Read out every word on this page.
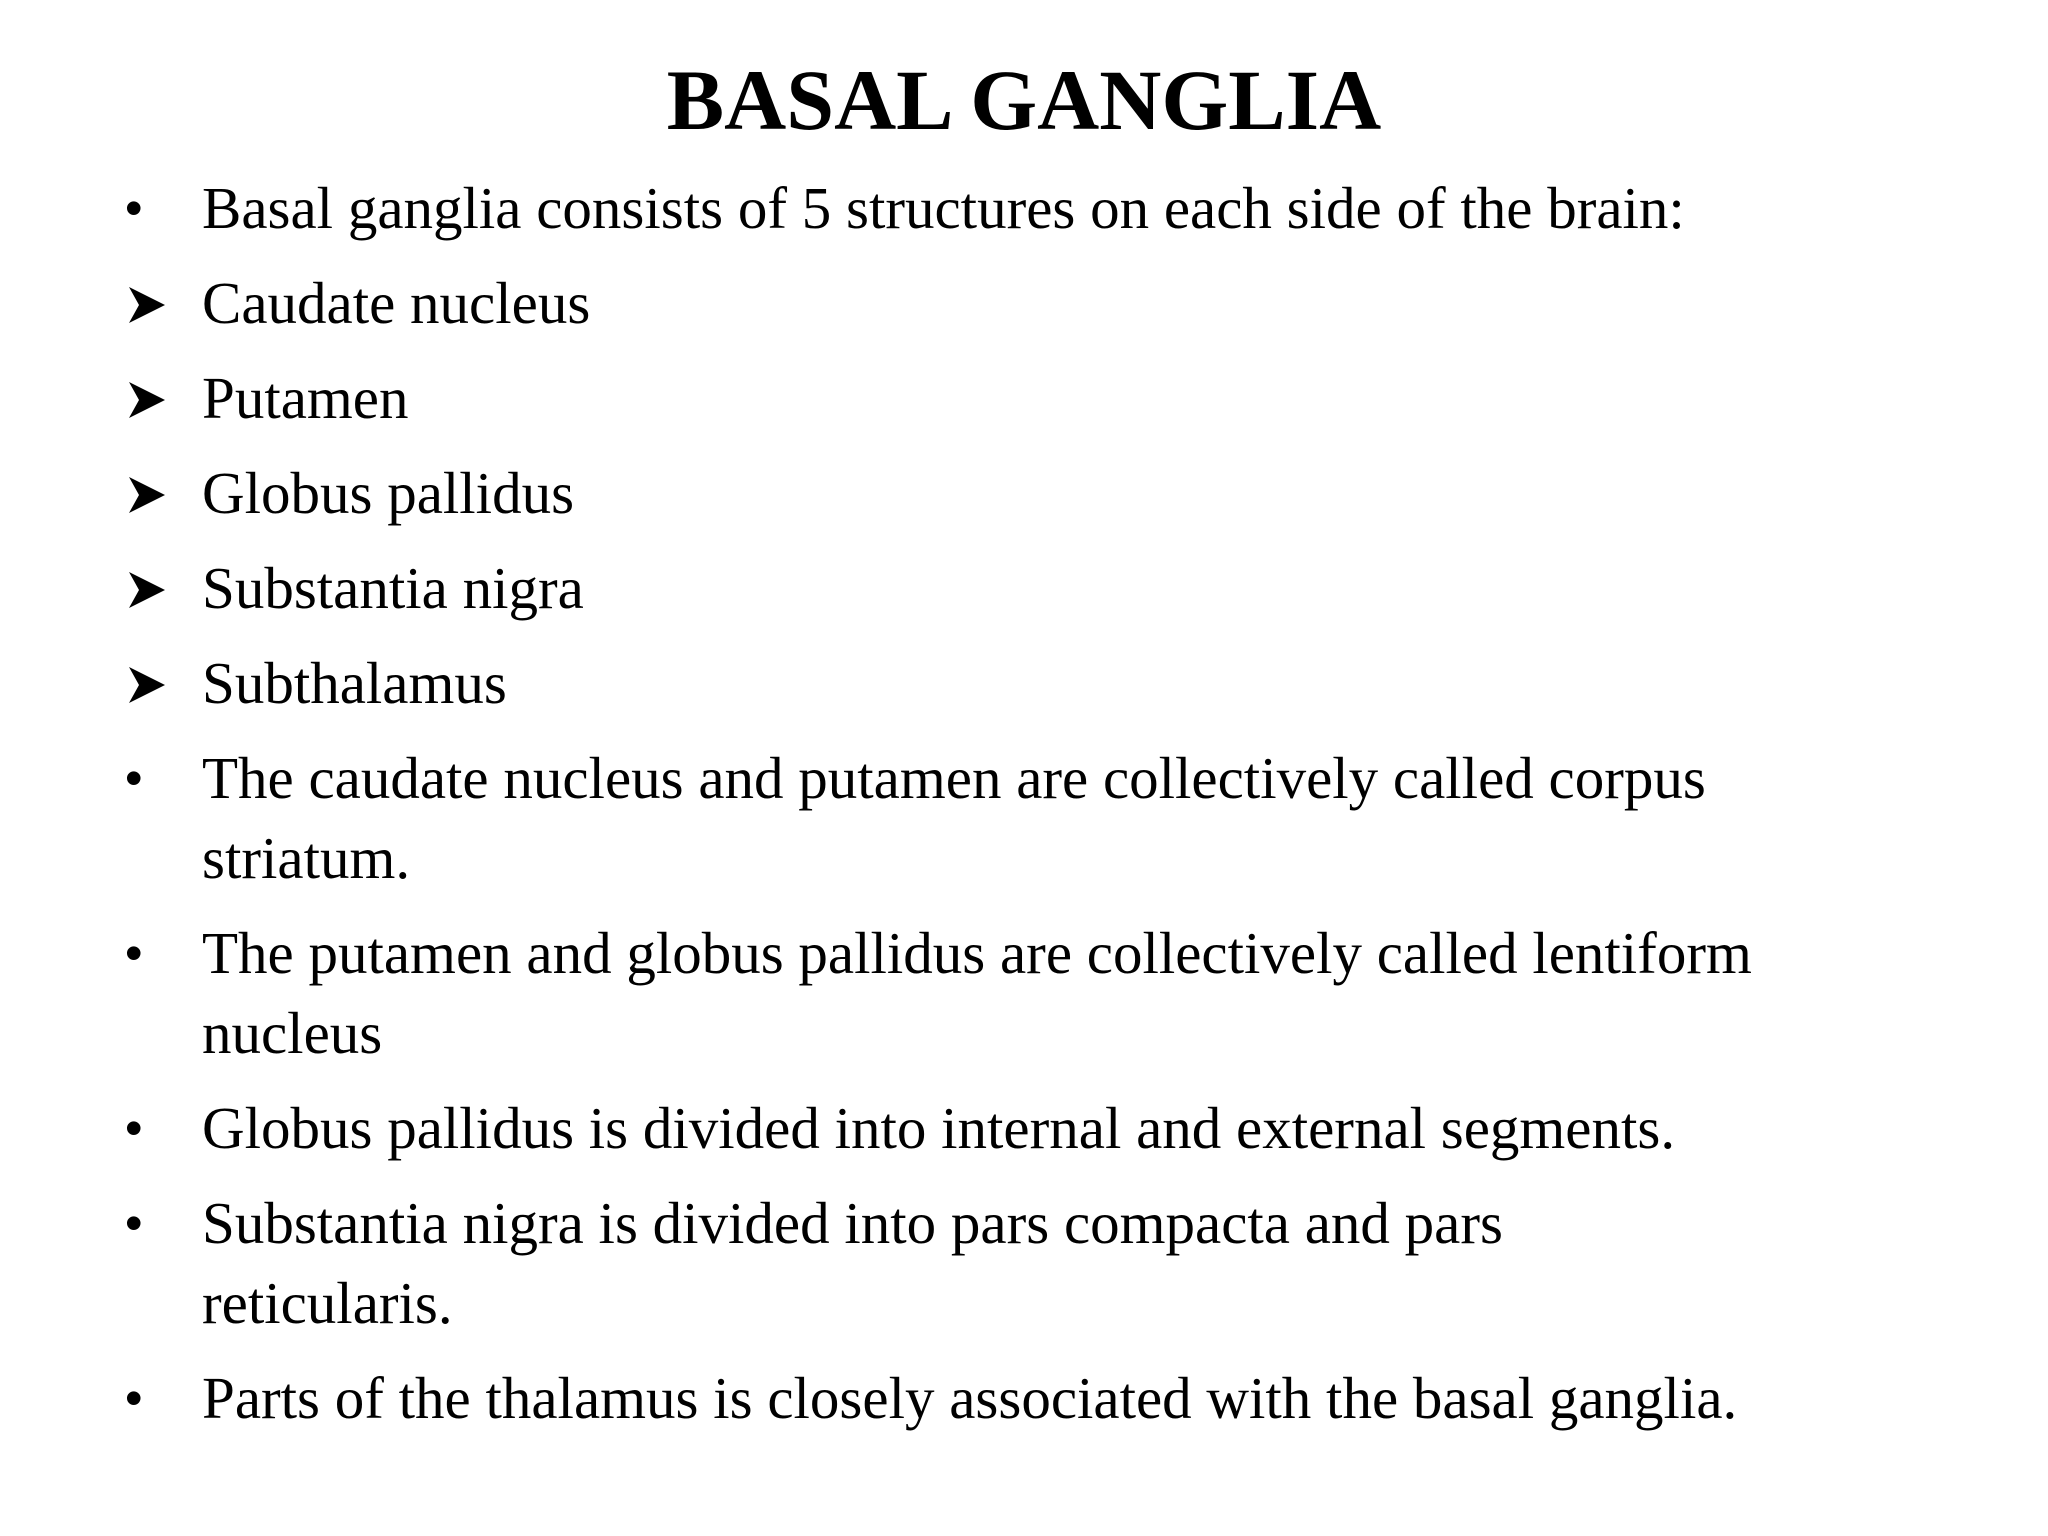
BASAL GANGLIA
•	Basal ganglia consists of 5 structures on each side of the brain:
Caudate nucleus
Putamen
Globus pallidus
Substantia nigra
Subthalamus
•	The caudate nucleus and putamen are collectively called corpus
striatum.
•	The putamen and globus pallidus are collectively called lentiform
nucleus
•	Globus pallidus is divided into internal and external segments.
•	Substantia nigra is divided into pars compacta and pars
reticularis.
•	Parts of the thalamus is closely associated with the basal ganglia.
